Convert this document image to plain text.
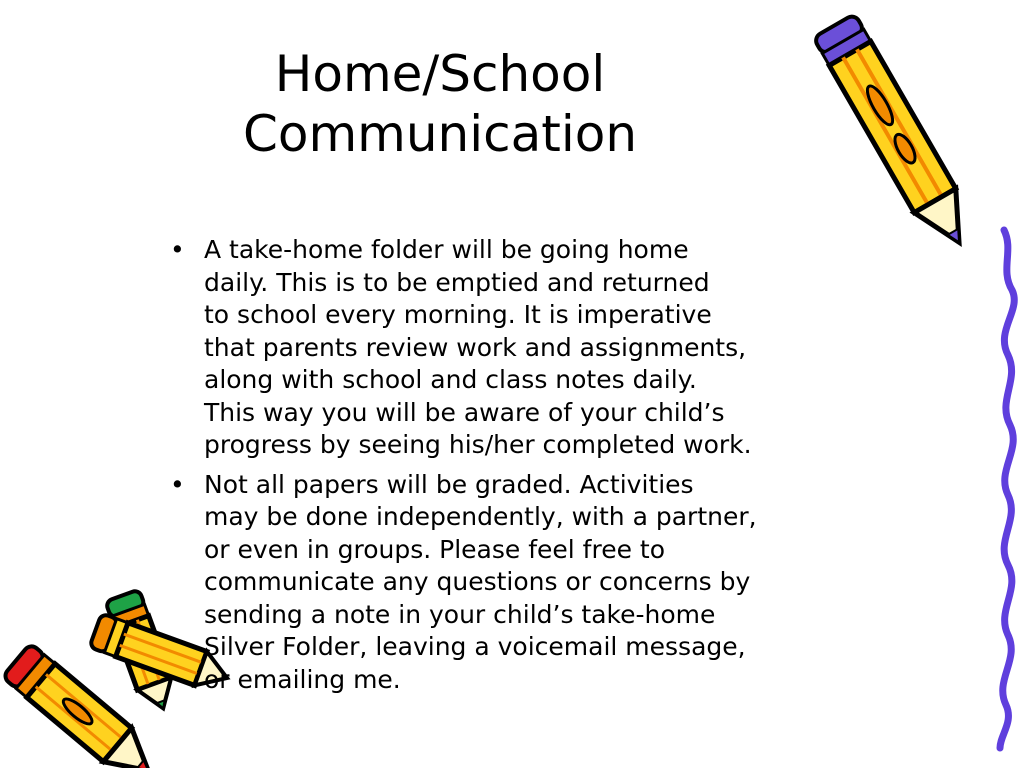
Home/School
Communication
• A take-home folder will be going home
daily. This is to be emptied and returned
to school every morning. It is imperative
that parents review work and assignments,
along with school and class notes daily.
This way you will be aware of your child’s
progress by seeing his/her completed work.
• Not all papers will be graded. Activities
may be done independently, with a partner,
or even in groups. Please feel free to
communicate any questions or concerns by
sending a note in your child’s take-home
Silver Folder, leaving a voicemail message,
or emailing me.
